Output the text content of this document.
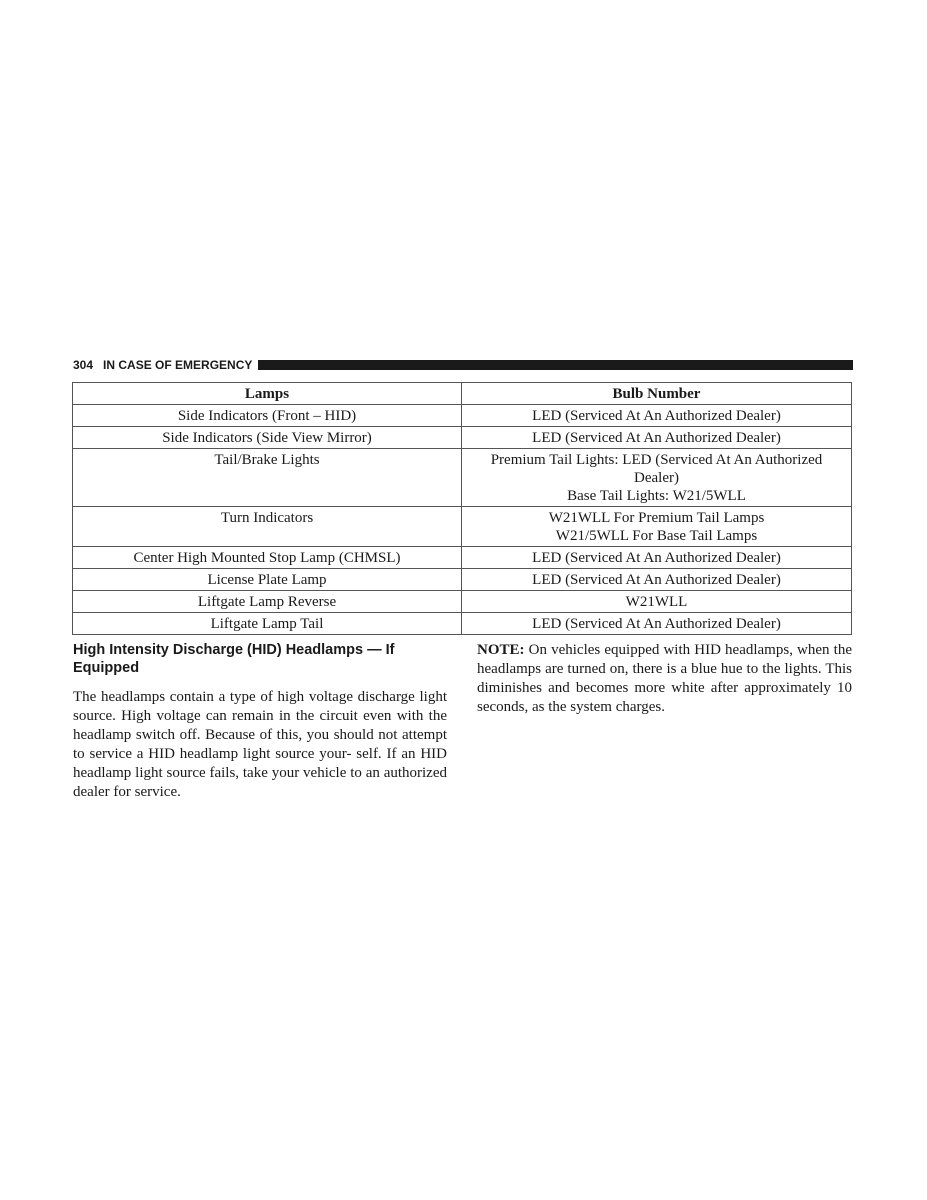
304 IN CASE OF EMERGENCY
Lamps	Bulb Number
Side Indicators (Front – HID)	LED (Serviced At An Authorized Dealer)

Side Indicators (Side View Mirror)	LED (Serviced At An Authorized Dealer)

Tail/Brake Lights	Premium Tail Lights: LED (Serviced At An Authorized Dealer)
Base Tail Lights: W21/5WLL

Turn Indicators	W21WLL For Premium Tail Lamps
W21/5WLL For Base Tail Lamps

Center High Mounted Stop Lamp (CHMSL)	LED (Serviced At An Authorized Dealer)

License Plate Lamp	LED (Serviced At An Authorized Dealer)

Liftgate Lamp Reverse	W21WLL

Liftgate Lamp Tail	LED (Serviced At An Authorized Dealer)
High Intensity Discharge (HID) Headlamps — If Equipped

The headlamps contain a type of high voltage discharge light source. High voltage can remain in the circuit even with the headlamp switch off. Because of this, you should not attempt to service a HID headlamp light source your- self. If an HID headlamp light source fails, take your vehicle to an authorized dealer for service.

NOTE: On vehicles equipped with HID headlamps, when the headlamps are turned on, there is a blue hue to the lights. This diminishes and becomes more white after approximately 10 seconds, as the system charges.
